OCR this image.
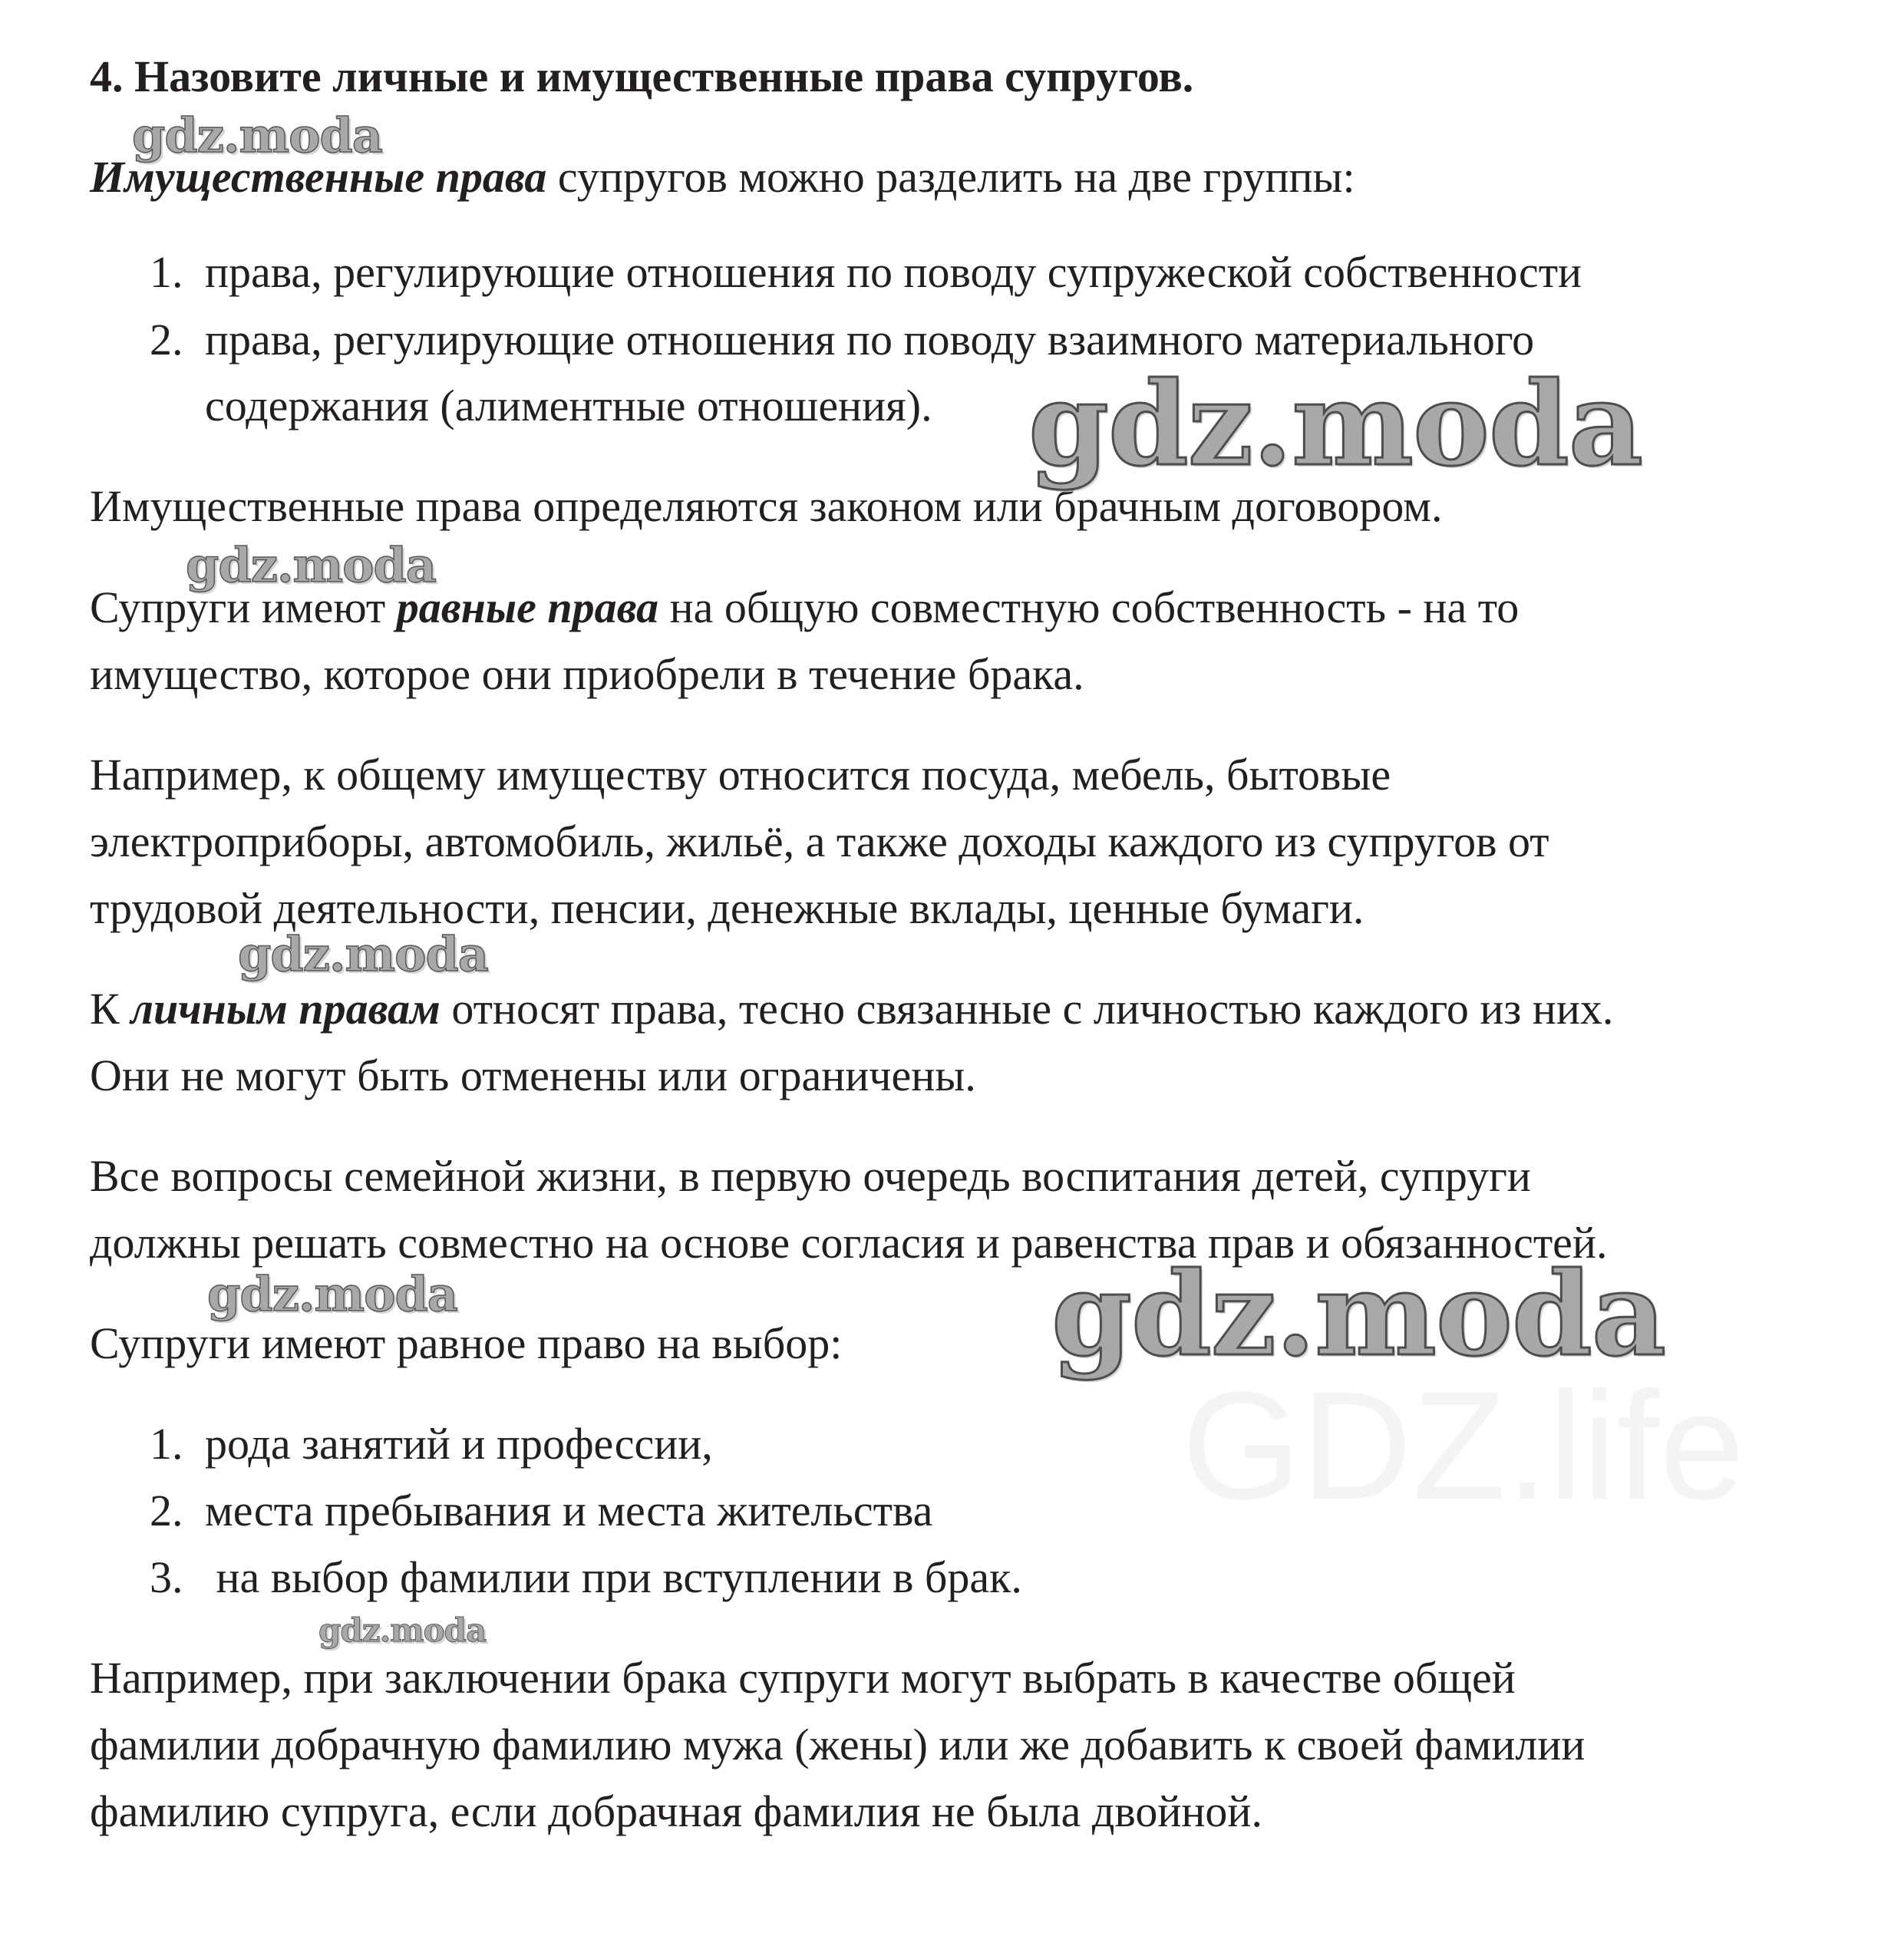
GDZ.life
4. Назовите личные и имущественные права супругов.
Имущественные права супругов можно разделить на две группы:
1. права, регулирующие отношения по поводу супружеской собственности
2. права, регулирующие отношения по поводу взаимного материального
содержания (алиментные отношения).
Имущественные права определяются законом или брачным договором.
Супруги имеют равные права на общую совместную собственность - на то
имущество, которое они приобрели в течение брака.
Например, к общему имуществу относится посуда, мебель, бытовые
электроприборы, автомобиль, жильё, а также доходы каждого из супругов от
трудовой деятельности, пенсии, денежные вклады, ценные бумаги.
К личным правам относят права, тесно связанные с личностью каждого из них.
Они не могут быть отменены или ограничены.
Все вопросы семейной жизни, в первую очередь воспитания детей, супруги
должны решать совместно на основе согласия и равенства прав и обязанностей.
Супруги имеют равное право на выбор:
1. рода занятий и профессии,
2. места пребывания и места жительства
3. на выбор фамилии при вступлении в брак.
Например, при заключении брака супруги могут выбрать в качестве общей
фамилии добрачную фамилию мужа (жены) или же добавить к своей фамилии
фамилию супруга, если добрачная фамилия не была двойной.
gdz.moda
gdz.moda
gdz.moda
gdz.moda
gdz.moda	gdz.moda
gdz.moda
